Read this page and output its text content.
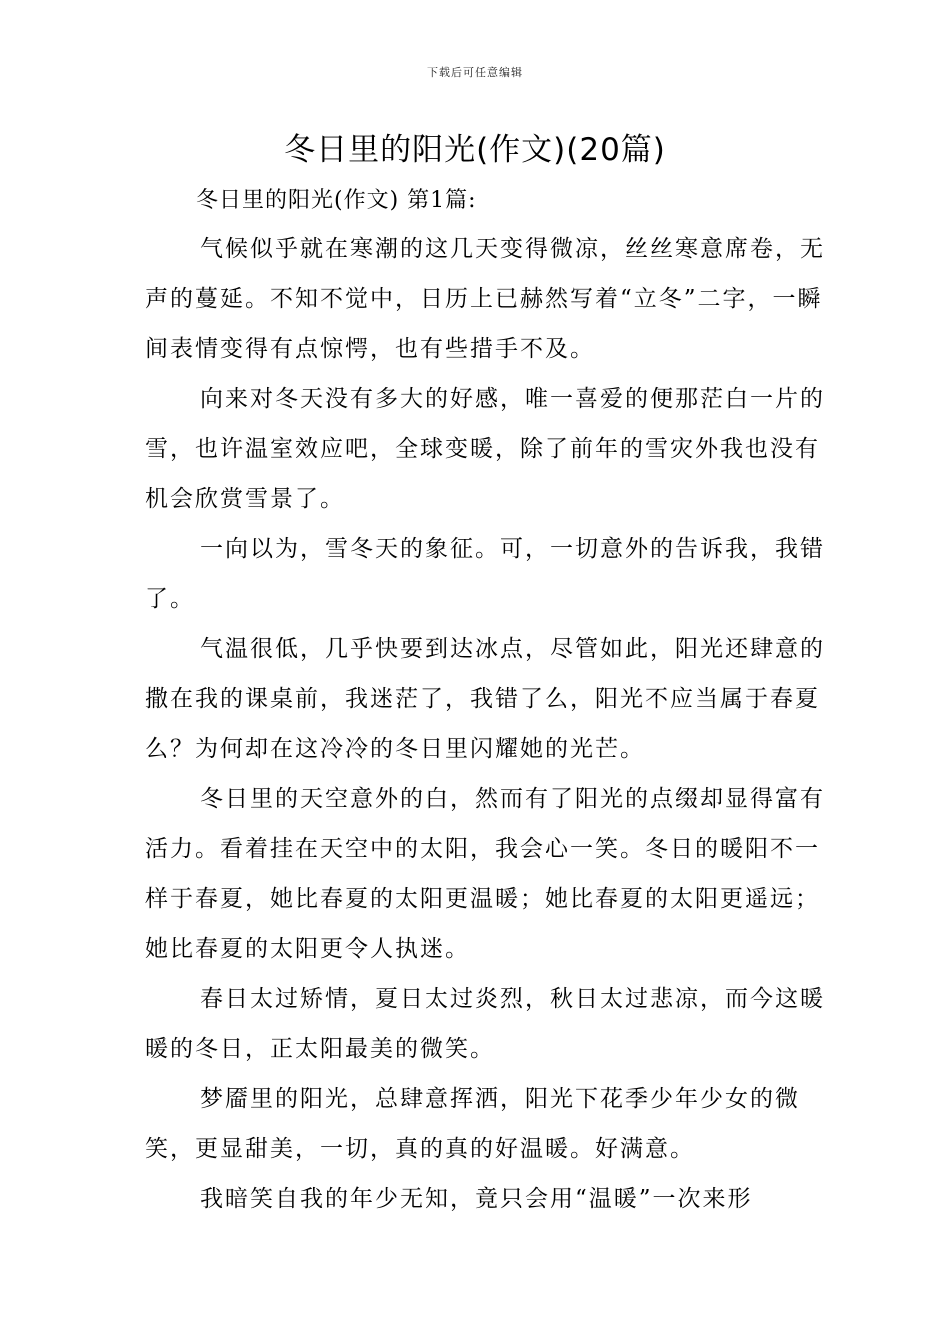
下载后可任意编辑
冬日里的阳光(作文)(20篇)
冬日里的阳光(作文) 第1篇:

气候似乎就在寒潮的这几天变得微凉，丝丝寒意席卷，无声的蔓延。不知不觉中，日历上已赫然写着“立冬”二字，一瞬间表情变得有点惊愕，也有些措手不及。

向来对冬天没有多大的好感，唯一喜爱的便那茫白一片的雪，也许温室效应吧，全球变暖，除了前年的雪灾外我也没有机会欣赏雪景了。

一向以为，雪冬天的象征。可，一切意外的告诉我，我错了。

气温很低，几乎快要到达冰点，尽管如此，阳光还肆意的撒在我的课桌前，我迷茫了，我错了么，阳光不应当属于春夏么？为何却在这冷冷的冬日里闪耀她的光芒。

冬日里的天空意外的白，然而有了阳光的点缀却显得富有活力。看着挂在天空中的太阳，我会心一笑。冬日的暖阳不一样于春夏，她比春夏的太阳更温暖；她比春夏的太阳更遥远；她比春夏的太阳更令人执迷。

春日太过矫情，夏日太过炎烈，秋日太过悲凉，而今这暖暖的冬日，正太阳最美的微笑。

梦靥里的阳光，总肆意挥洒，阳光下花季少年少女的微笑，更显甜美，一切，真的真的好温暖。好满意。

我暗笑自我的年少无知，竟只会用“温暖”一次来形
